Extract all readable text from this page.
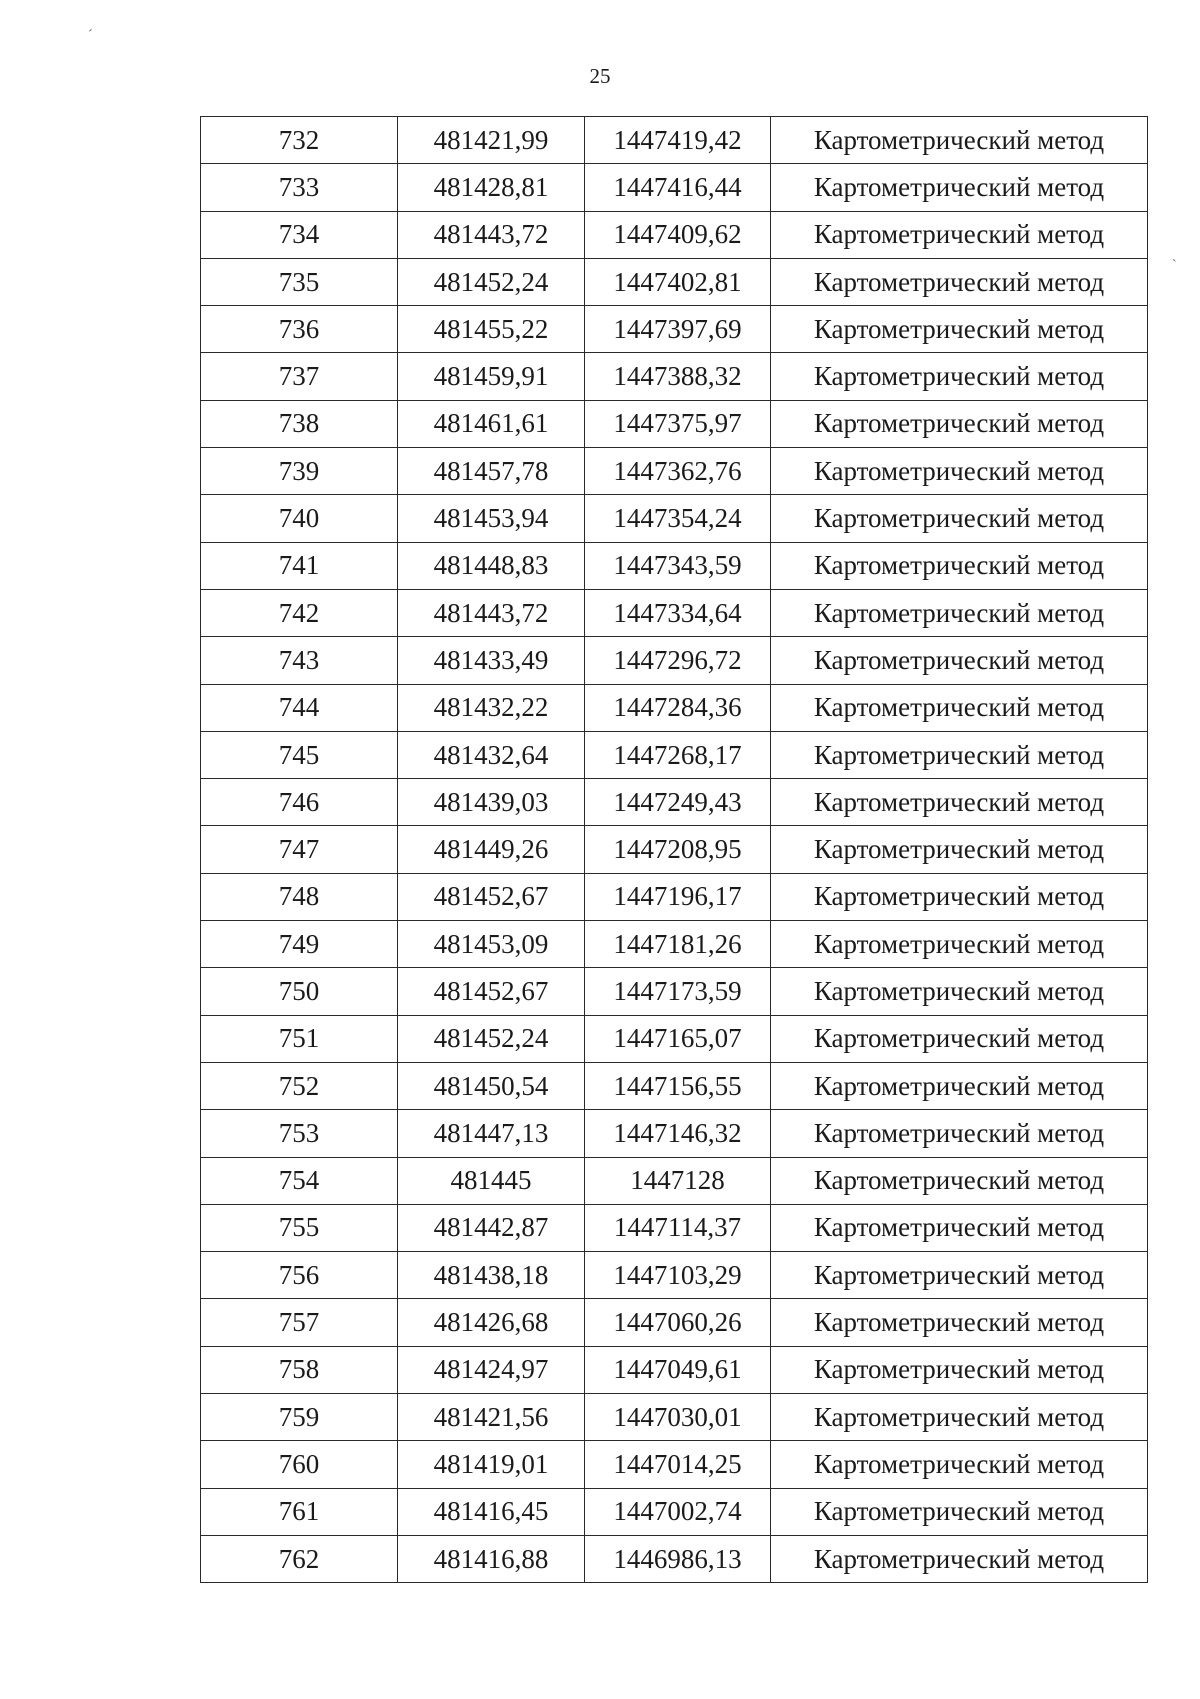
25
´
`
732	481421,99	1447419,42	Картометрический метод
733	481428,81	1447416,44	Картометрический метод
734	481443,72	1447409,62	Картометрический метод
735	481452,24	1447402,81	Картометрический метод
736	481455,22	1447397,69	Картометрический метод
737	481459,91	1447388,32	Картометрический метод
738	481461,61	1447375,97	Картометрический метод
739	481457,78	1447362,76	Картометрический метод
740	481453,94	1447354,24	Картометрический метод
741	481448,83	1447343,59	Картометрический метод
742	481443,72	1447334,64	Картометрический метод
743	481433,49	1447296,72	Картометрический метод
744	481432,22	1447284,36	Картометрический метод
745	481432,64	1447268,17	Картометрический метод
746	481439,03	1447249,43	Картометрический метод
747	481449,26	1447208,95	Картометрический метод
748	481452,67	1447196,17	Картометрический метод
749	481453,09	1447181,26	Картометрический метод
750	481452,67	1447173,59	Картометрический метод
751	481452,24	1447165,07	Картометрический метод
752	481450,54	1447156,55	Картометрический метод
753	481447,13	1447146,32	Картометрический метод
754	481445	1447128	Картометрический метод
755	481442,87	1447114,37	Картометрический метод
756	481438,18	1447103,29	Картометрический метод
757	481426,68	1447060,26	Картометрический метод
758	481424,97	1447049,61	Картометрический метод
759	481421,56	1447030,01	Картометрический метод
760	481419,01	1447014,25	Картометрический метод
761	481416,45	1447002,74	Картометрический метод
762	481416,88	1446986,13	Картометрический метод
